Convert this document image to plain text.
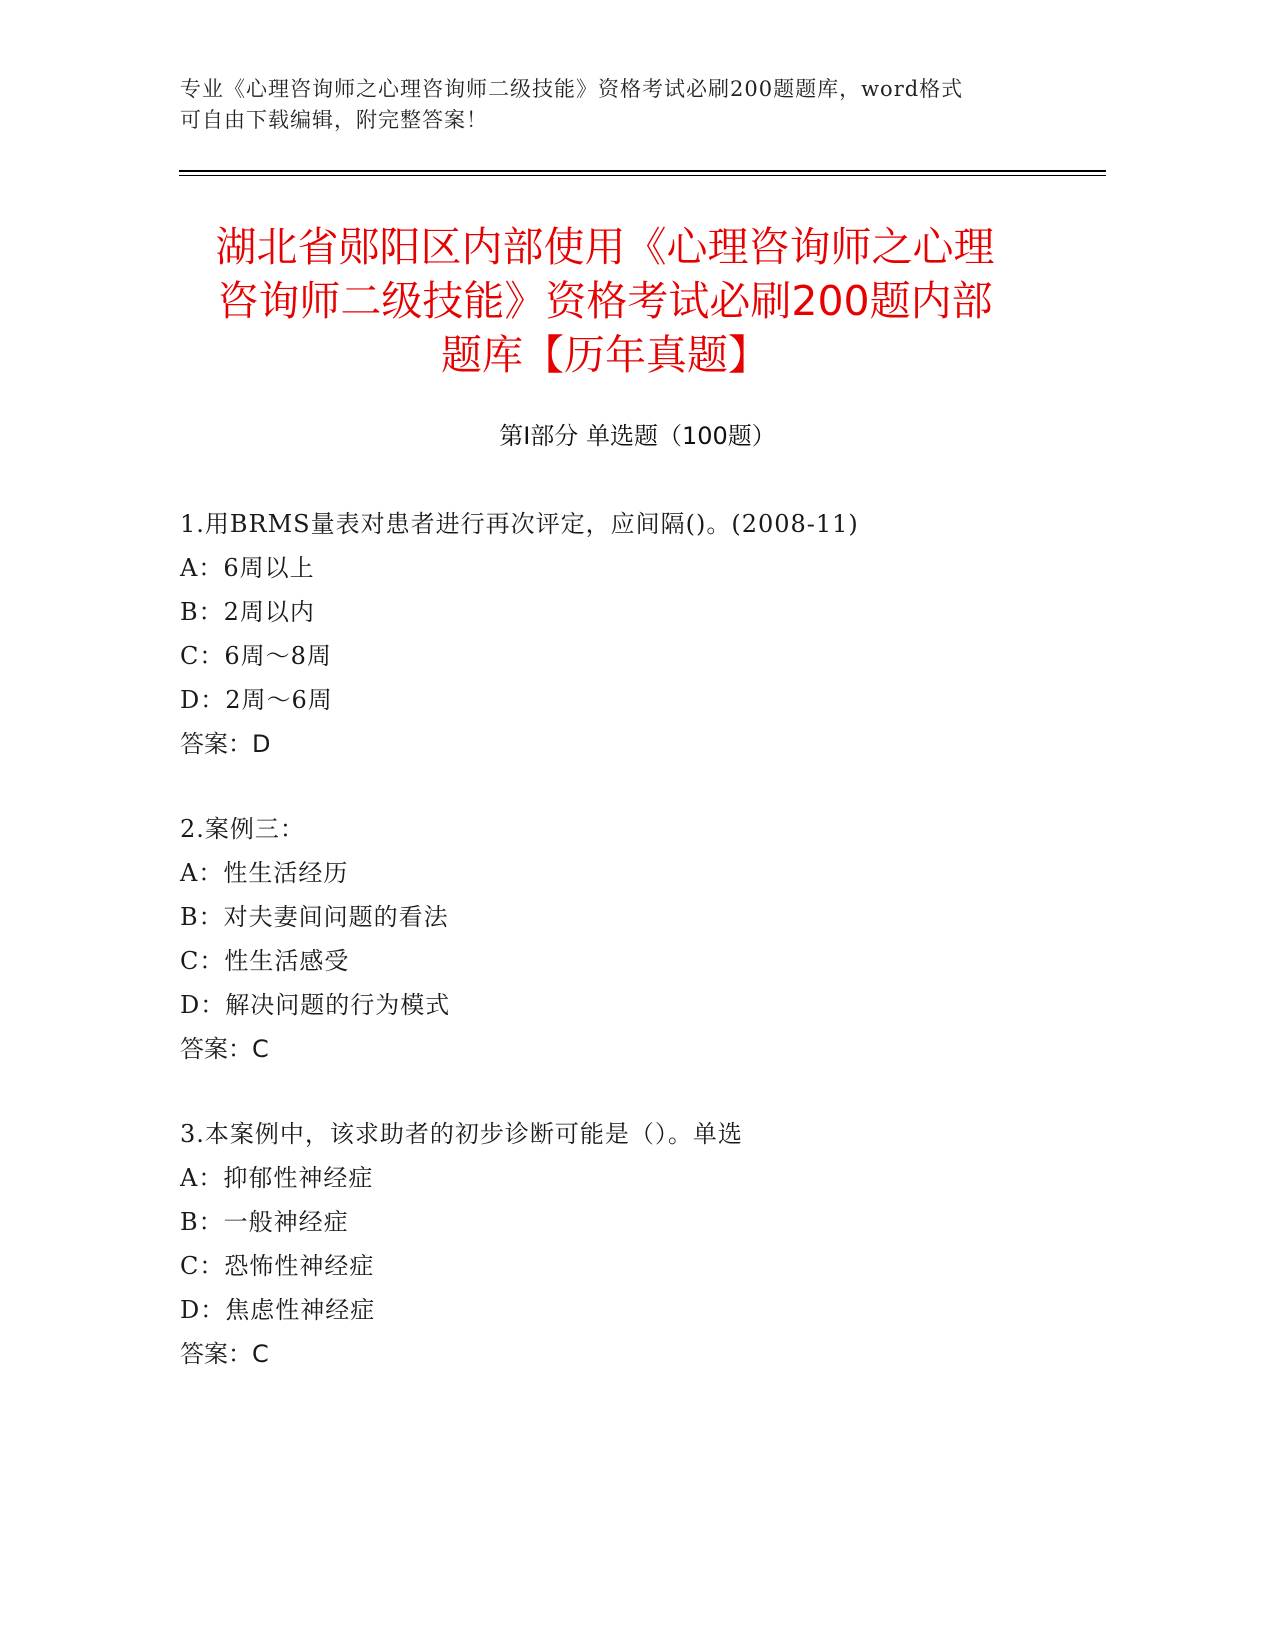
专业《心理咨询师之心理咨询师二级技能》资格考试必刷200题题库，word格式
可自由下载编辑，附完整答案！
湖北省郧阳区内部使用《心理咨询师之心理
咨询师二级技能》资格考试必刷200题内部
题库【历年真题】
第Ⅰ部分 单选题（100题）
1.用BRMS量表对患者进行再次评定，应间隔()。(2008-11)
A：6周以上
B：2周以内
C：6周～8周
D：2周～6周
答案：D
2.案例三：
A：性生活经历
B：对夫妻间问题的看法
C：性生活感受
D：解决问题的行为模式
答案：C
3.本案例中，该求助者的初步诊断可能是（）。单选
A：抑郁性神经症
B：一般神经症
C：恐怖性神经症
D：焦虑性神经症
答案：C
